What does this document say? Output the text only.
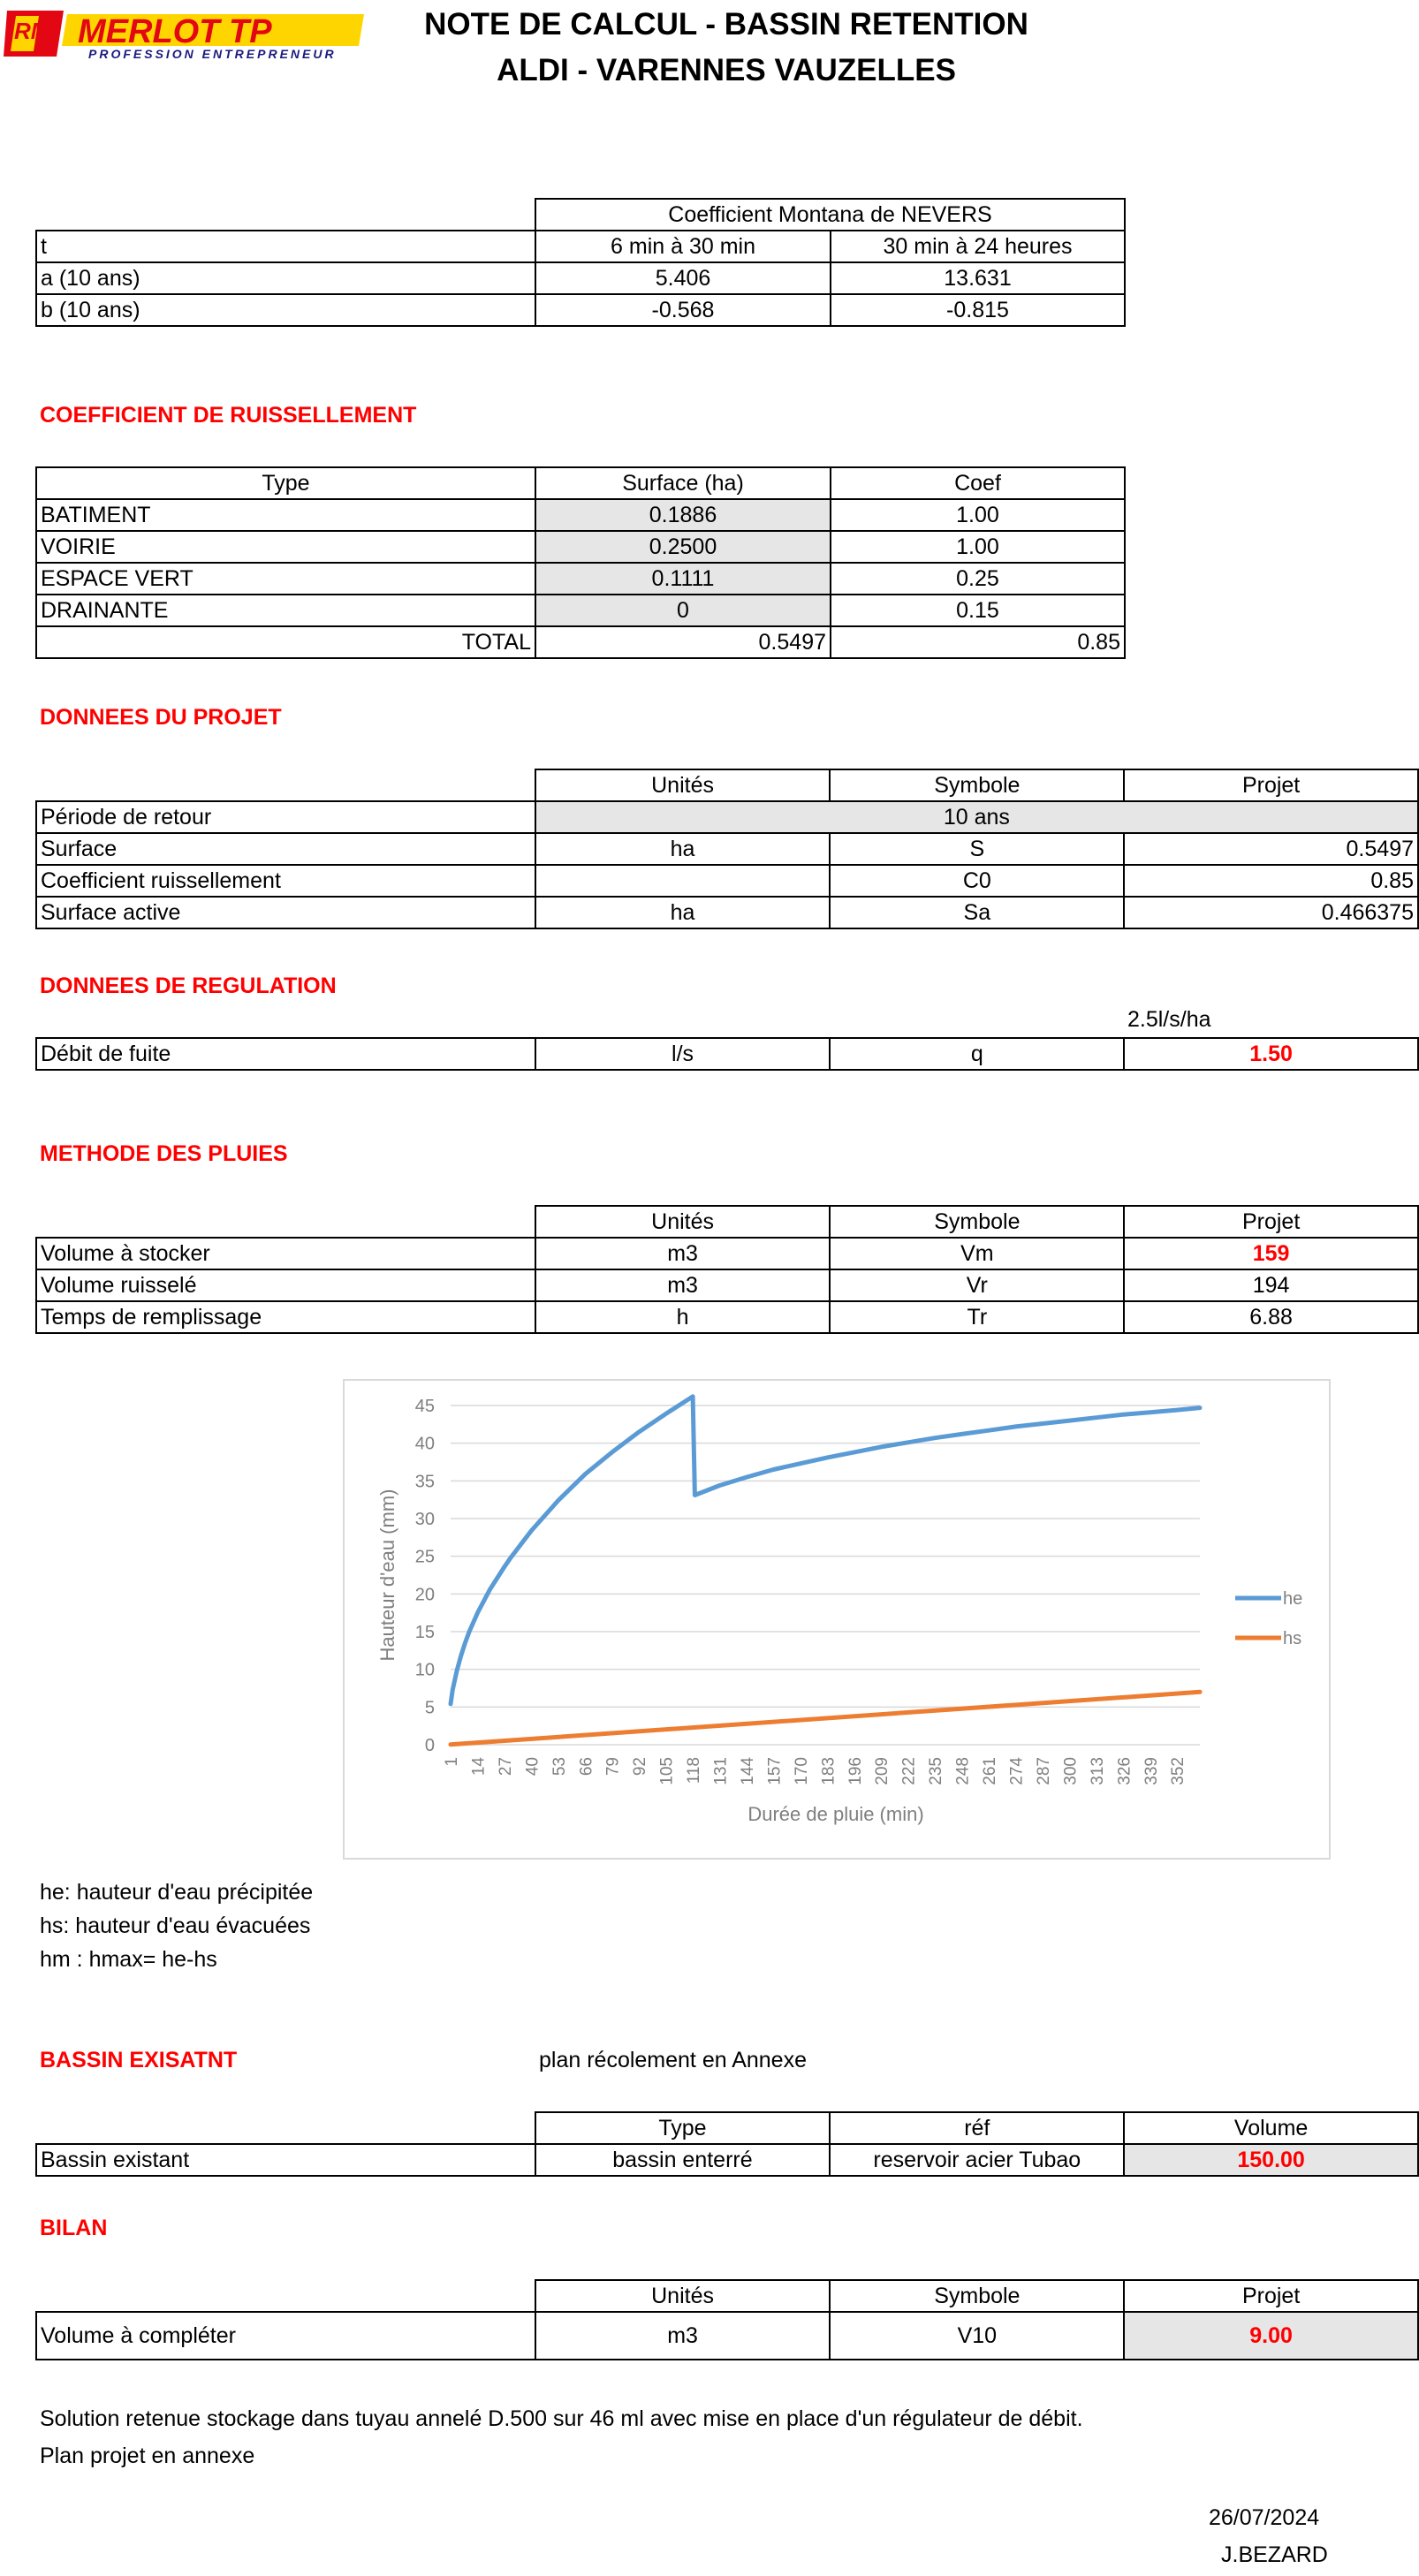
RM MERLOT TP
PROFESSION ENTREPRENEUR
NOTE DE CALCUL - BASSIN RETENTION
ALDI - VARENNES VAUZELLES
	Coefficient Montana de NEVERS	
t	6 min à 30 min	30 min à 24 heures
a (10 ans)	5.406	13.631
b (10 ans)	-0.568	-0.815
COEFFICIENT DE RUISSELLEMENT
Type	Surface (ha)	Coef
BATIMENT	0.1886	1.00
VOIRIE	0.2500	1.00
ESPACE VERT	0.1111	0.25
DRAINANTE	0	0.15
TOTAL	0.5497	0.85
DONNEES DU PROJET
	Unités	Symbole	Projet
Période de retour	10 ans		
Surface	ha	S	0.5497
Coefficient ruissellement		C0	0.85
Surface active	ha	Sa	0.466375
DONNEES DE REGULATION
2.5l/s/ha
Débit de fuite	l/s	q	1.50
METHODE DES PLUIES
	Unités	Symbole	Projet
Volume à stocker	m3	Vm	159
Volume ruisselé	m3	Vr	194
Temps de remplissage	h	Tr	6.88
0
5
10
15
20
25
30
35
40
45
1 14 27 40 53 66 79 92 105 118 131 144 157 170 183 196 209 222 235 248 261 274 287 300 313 326 339 352
he
hs
Hauteur d'eau (mm)
Durée de pluie (min)
he: hauteur d'eau précipitée
hs: hauteur d'eau évacuées
hm : hmax= he-hs
BASSIN EXISATNT	plan récolement en Annexe
	Type	réf	Volume
Bassin existant	bassin enterré	reservoir acier Tubao	150.00
BILAN
	Unités	Symbole	Projet
Volume à compléter	m3	V10	9.00
Solution retenue stockage dans tuyau annelé D.500 sur 46 ml avec mise en place d'un régulateur de débit.
Plan projet en annexe
26/07/2024
J.BEZARD
